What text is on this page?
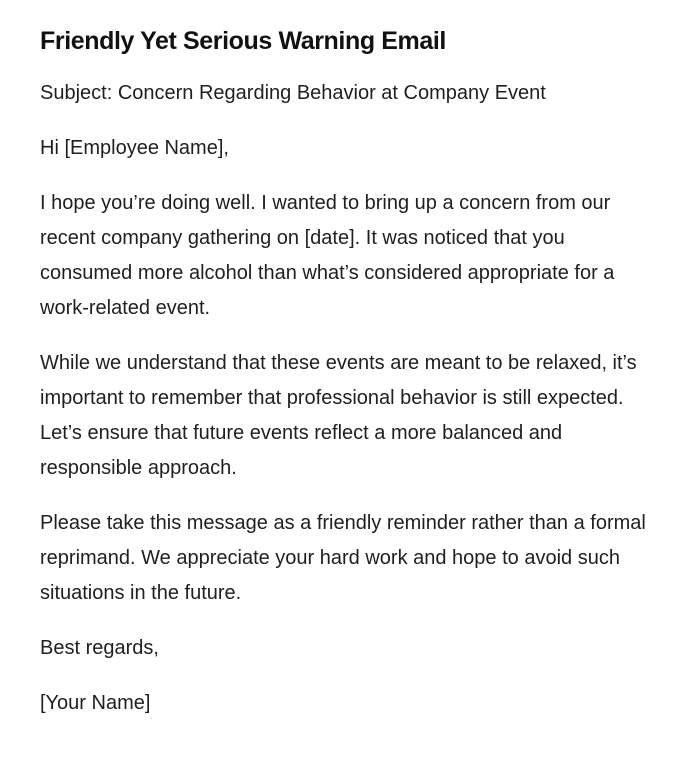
Friendly Yet Serious Warning Email

Subject: Concern Regarding Behavior at Company Event

Hi [Employee Name],

I hope you’re doing well. I wanted to bring up a concern from our recent company gathering on [date]. It was noticed that you consumed more alcohol than what’s considered appropriate for a work-related event.

While we understand that these events are meant to be relaxed, it’s important to remember that professional behavior is still expected. Let’s ensure that future events reflect a more balanced and responsible approach.

Please take this message as a friendly reminder rather than a formal reprimand. We appreciate your hard work and hope to avoid such situations in the future.

Best regards,

[Your Name]
